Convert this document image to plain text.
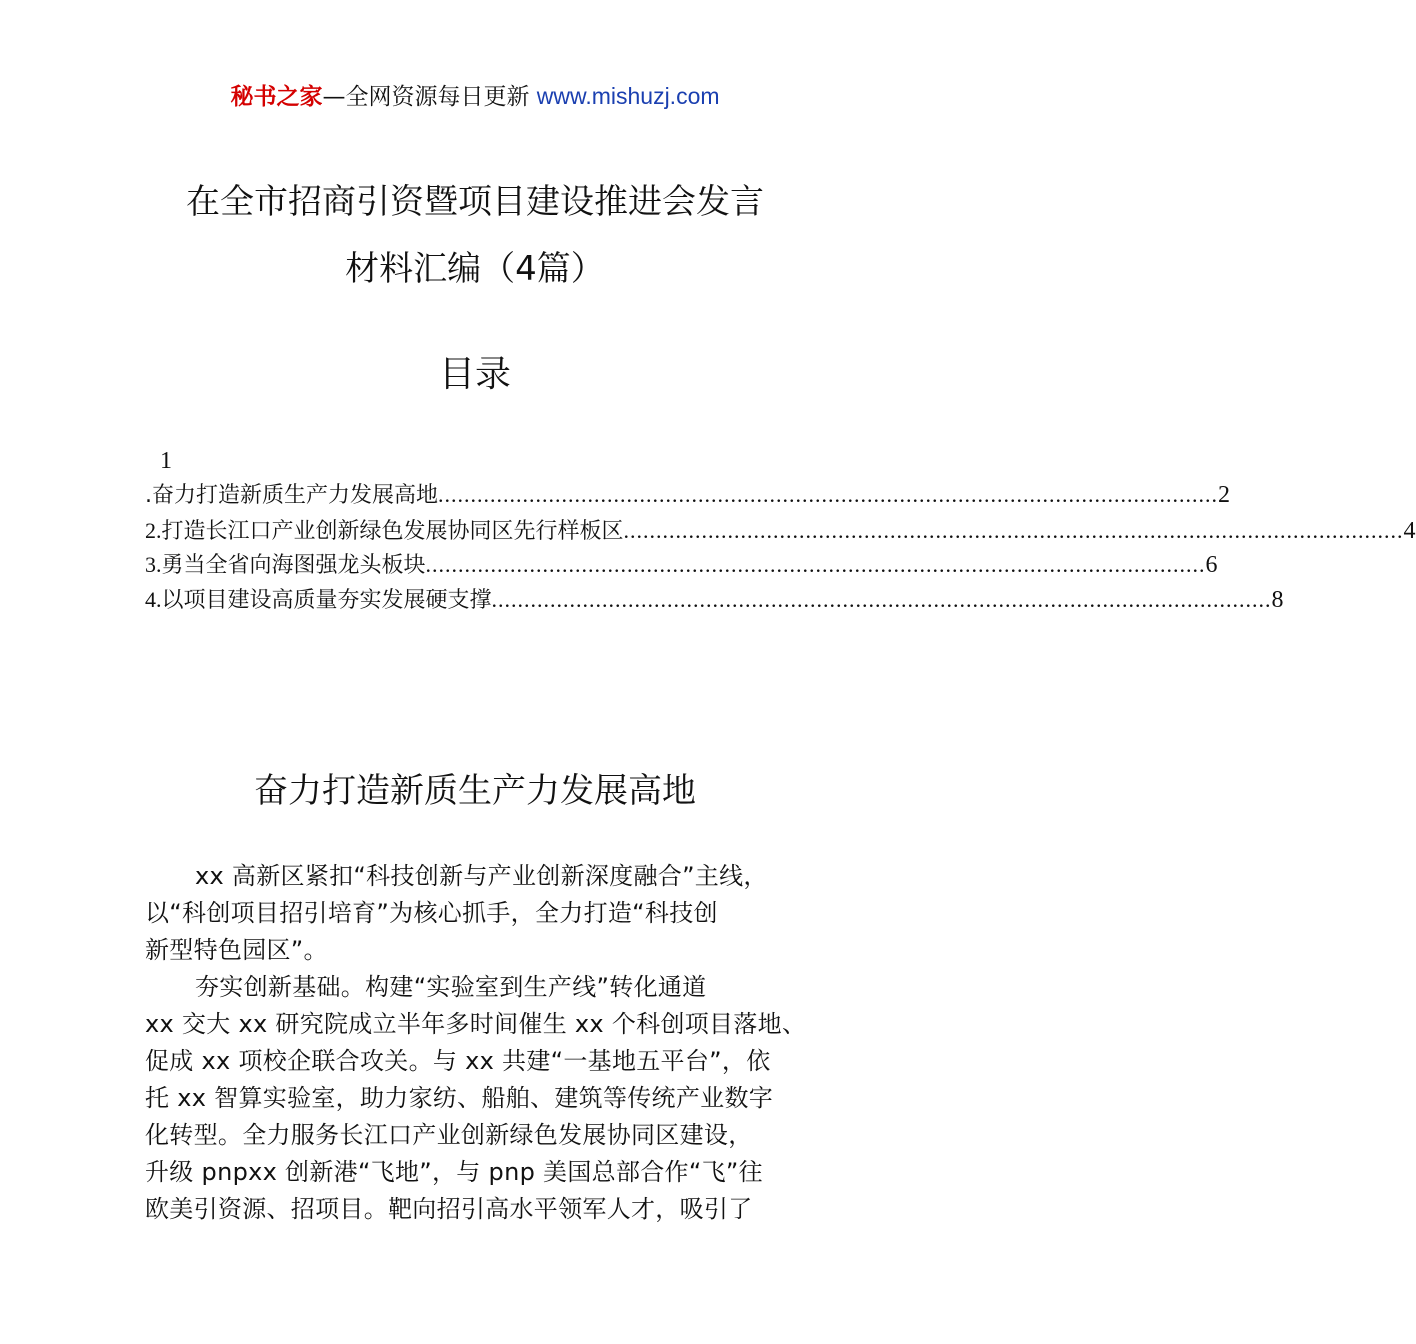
秘书之家—全网资源每日更新 www.mishuzj.com
在全市招商引资暨项目建设推进会发言
材料汇编（4篇）
目录
1
.奋力打造新质生产力发展高地 ........................................................................................................................ 2
2.打造长江口产业创新绿色发展协同区先行样板区 ........................................................................................................................ 4
3.勇当全省向海图强龙头板块 ........................................................................................................................ 6
4.以项目建设高质量夯实发展硬支撑 ........................................................................................................................ 8
奋力打造新质生产力发展高地
xx 高新区紧扣“科技创新与产业创新深度融合”主线，
以“科创项目招引培育”为核心抓手，全力打造“科技创
新型特色园区”。
夯实创新基础。构建“实验室到生产线”转化通道
xx 交大 xx 研究院成立半年多时间催生 xx 个科创项目落地、
促成 xx 项校企联合攻关。与 xx 共建“一基地五平台”，依
托 xx 智算实验室，助力家纺、船舶、建筑等传统产业数字
化转型。全力服务长江口产业创新绿色发展协同区建设，
升级 pnpxx 创新港“飞地”，与 pnp 美国总部合作“飞”往
欧美引资源、招项目。靶向招引高水平领军人才，吸引了
